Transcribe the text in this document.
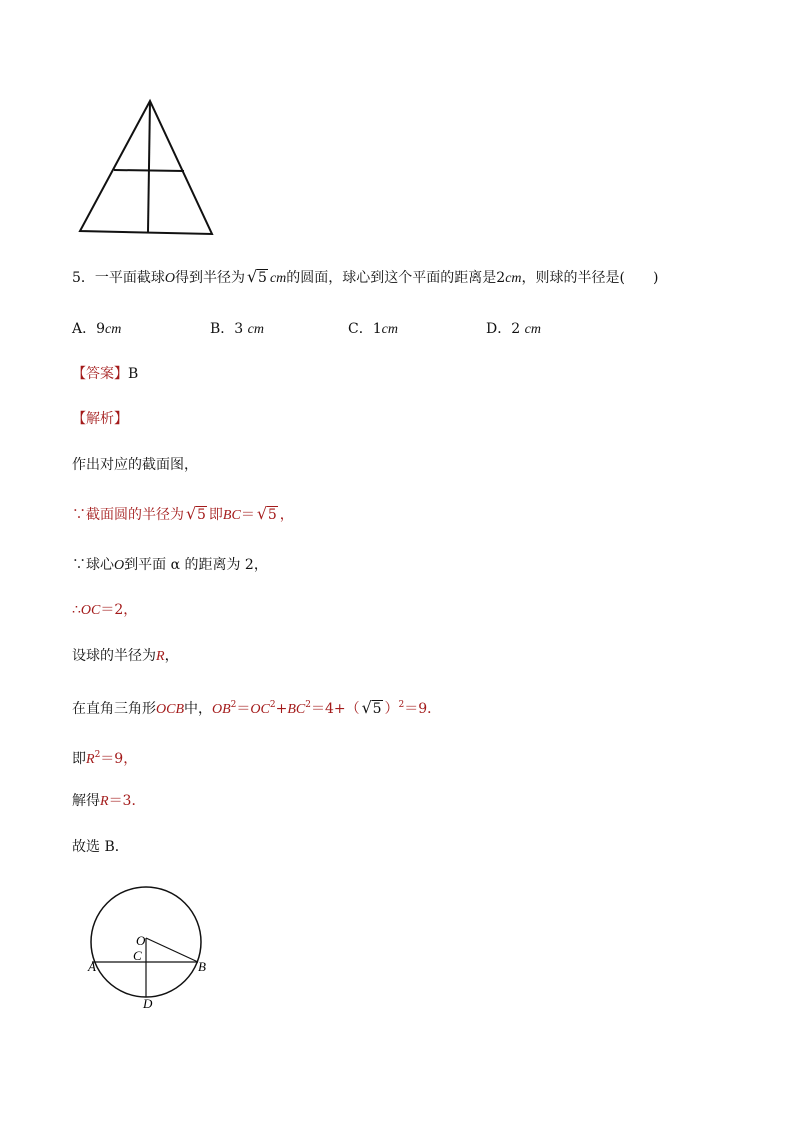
5．一平面截球O得到半径为 √ 5 cm的圆面，球心到这个平面的距离是2cm，则球的半径是(　　)
A．9cm	B．3 cm	C．1cm	D．2 cm
【答案】B
【解析】
作出对应的截面图，
∵截面圆的半径为 √ 5 即BC＝ √ 5 ，
∵球心O到平面 α 的距离为 2，
∴OC＝2，
设球的半径为R，
在直角三角形OCB中，$OB^2=OC^2+BC^2=4+$（ √ 5 ）$^2$＝9．
即$R^2=9$，
解得R＝3．
故选 B．
O
C
A	B
D
